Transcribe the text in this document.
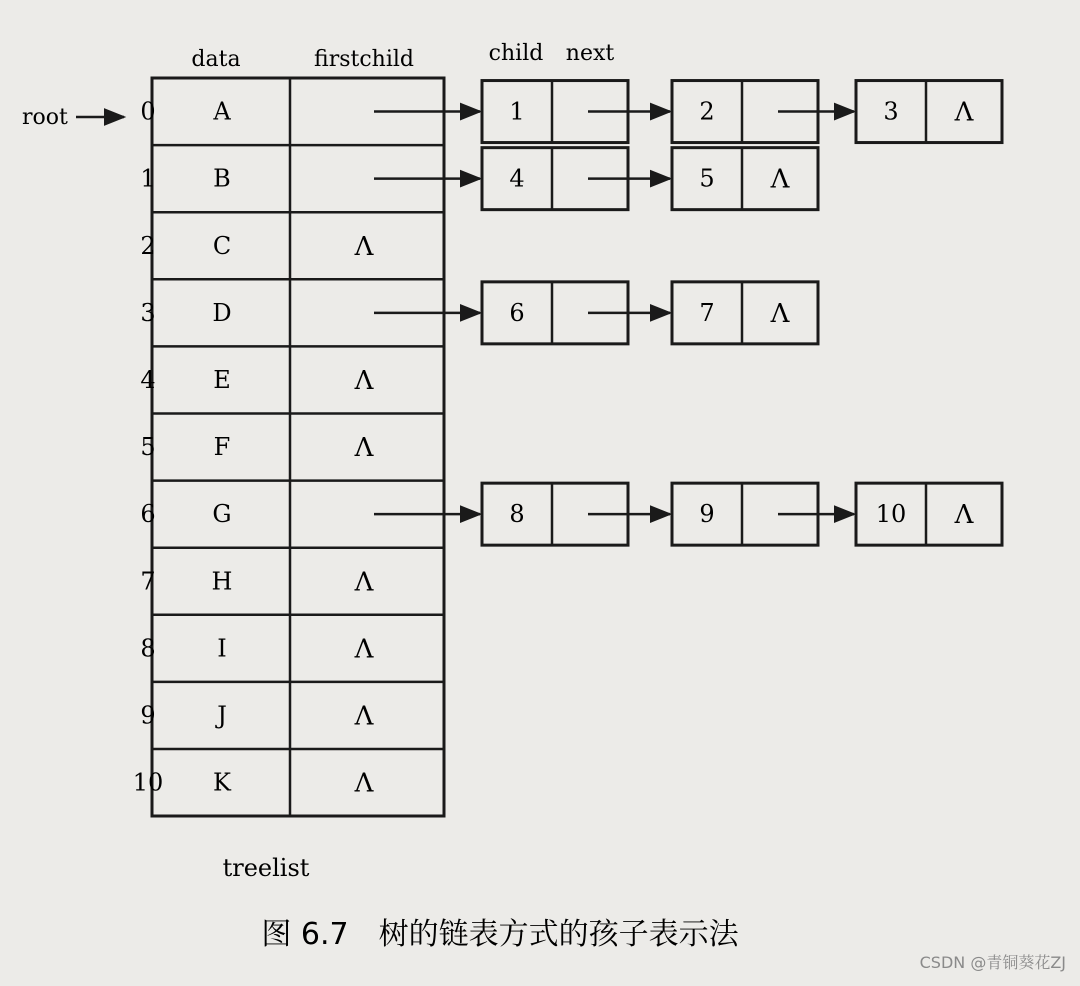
data	firstchild	child next
root	0 A
1 B
2 C	Λ
3 D
4 E	Λ
5 F	Λ
6 G
7 H	Λ
8	I	Λ
9	J	Λ
10 K	Λ
1	2	3 Λ
4	5 Λ
6	7 Λ
8	9	10 Λ
treelist
图 6.7　树的链表方式的孩子表示法
CSDN @青铜葵花ZJ
